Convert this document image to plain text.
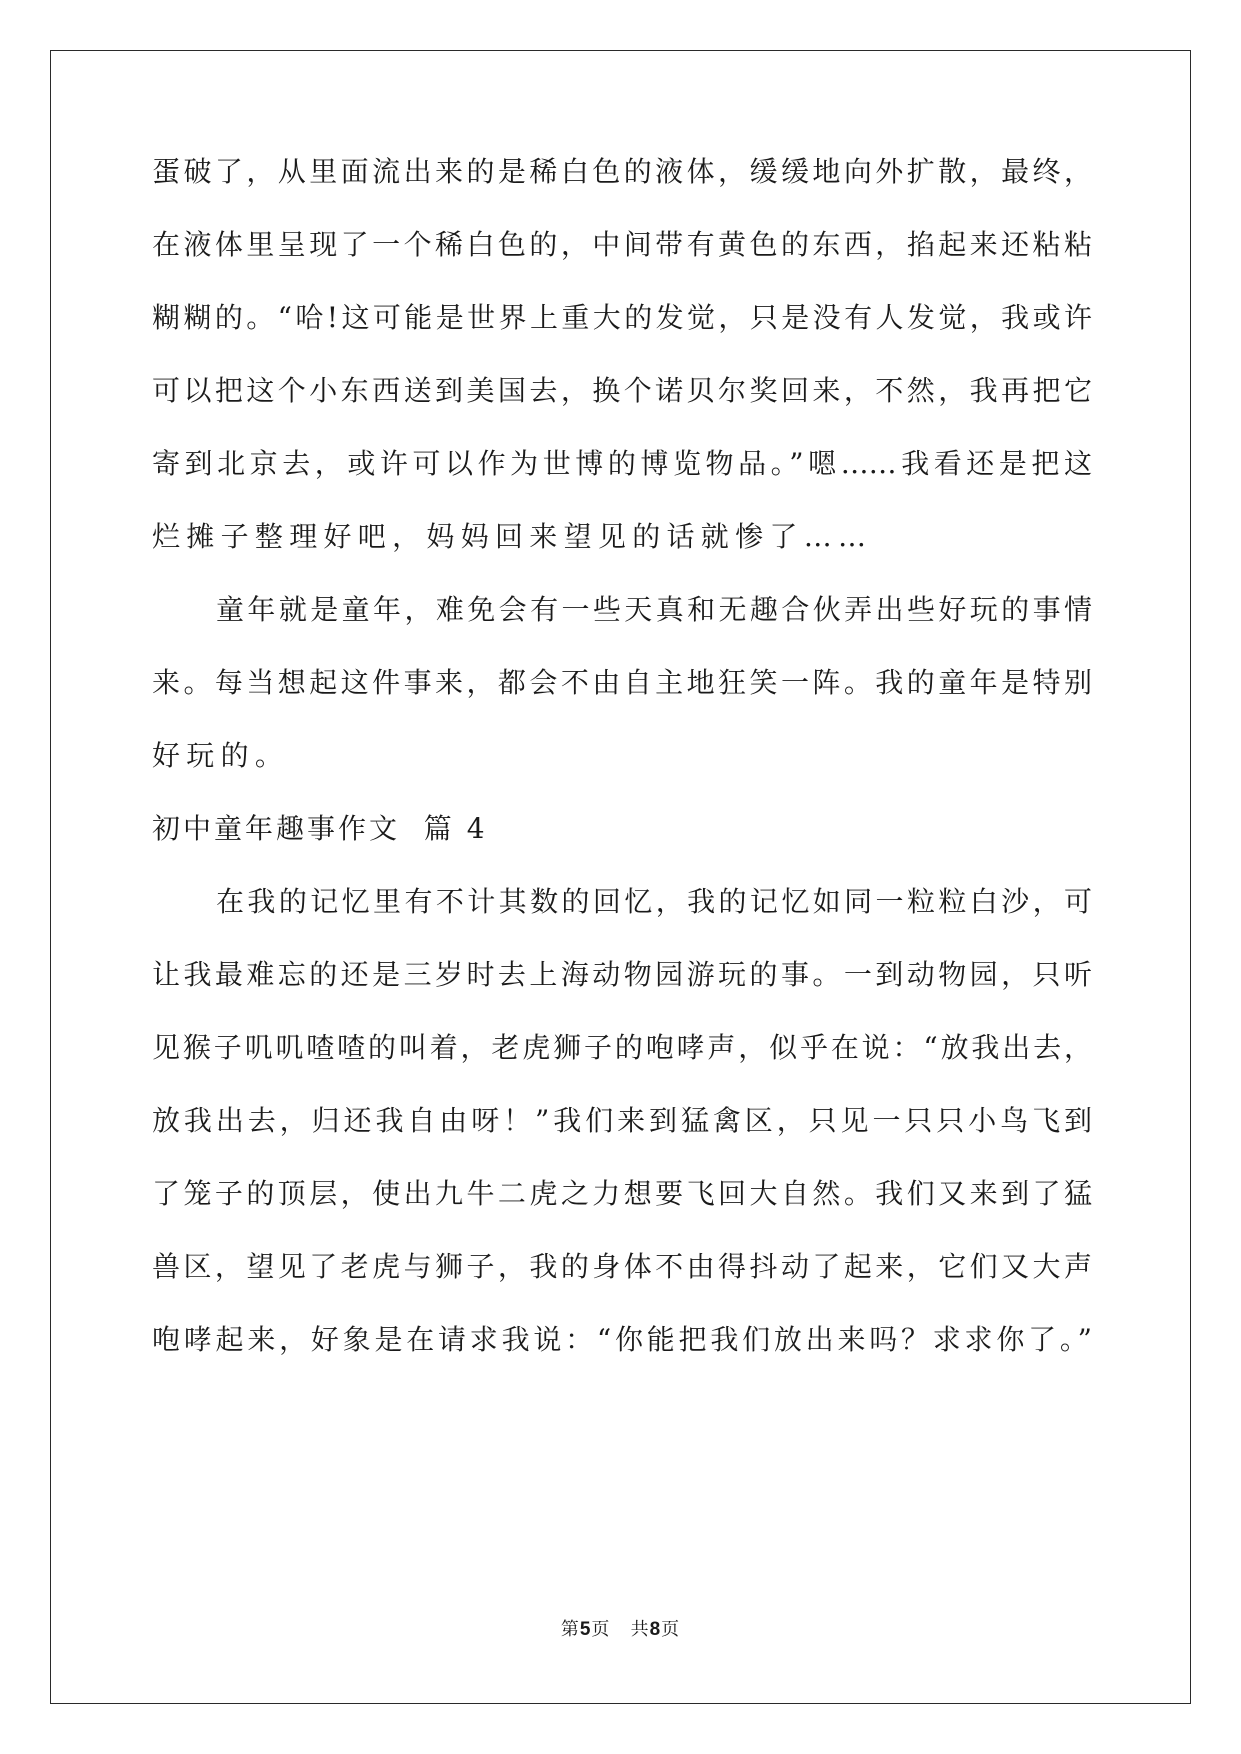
蛋破了，从里面流出来的是稀白色的液体，缓缓地向外扩散，最终，
在液体里呈现了一个稀白色的，中间带有黄色的东西，掐起来还粘粘
糊糊的。“哈!这可能是世界上重大的发觉，只是没有人发觉，我或许
可以把这个小东西送到美国去，换个诺贝尔奖回来，不然，我再把它
寄到北京去，或许可以作为世博的博览物品。”嗯……我看还是把这
烂摊子整理好吧，妈妈回来望见的话就惨了……
童年就是童年，难免会有一些天真和无趣合伙弄出些好玩的事情
来。每当想起这件事来，都会不由自主地狂笑一阵。我的童年是特别
好玩的。
初中童年趣事作文  篇 4
在我的记忆里有不计其数的回忆，我的记忆如同一粒粒白沙，可
让我最难忘的还是三岁时去上海动物园游玩的事。一到动物园，只听
见猴子叽叽喳喳的叫着，老虎狮子的咆哮声，似乎在说：“放我出去，
放我出去，归还我自由呀！”我们来到猛禽区，只见一只只小鸟飞到
了笼子的顶层，使出九牛二虎之力想要飞回大自然。我们又来到了猛
兽区，望见了老虎与狮子，我的身体不由得抖动了起来，它们又大声
咆哮起来，好象是在请求我说：“你能把我们放出来吗？求求你了。”
第5页   共8页
